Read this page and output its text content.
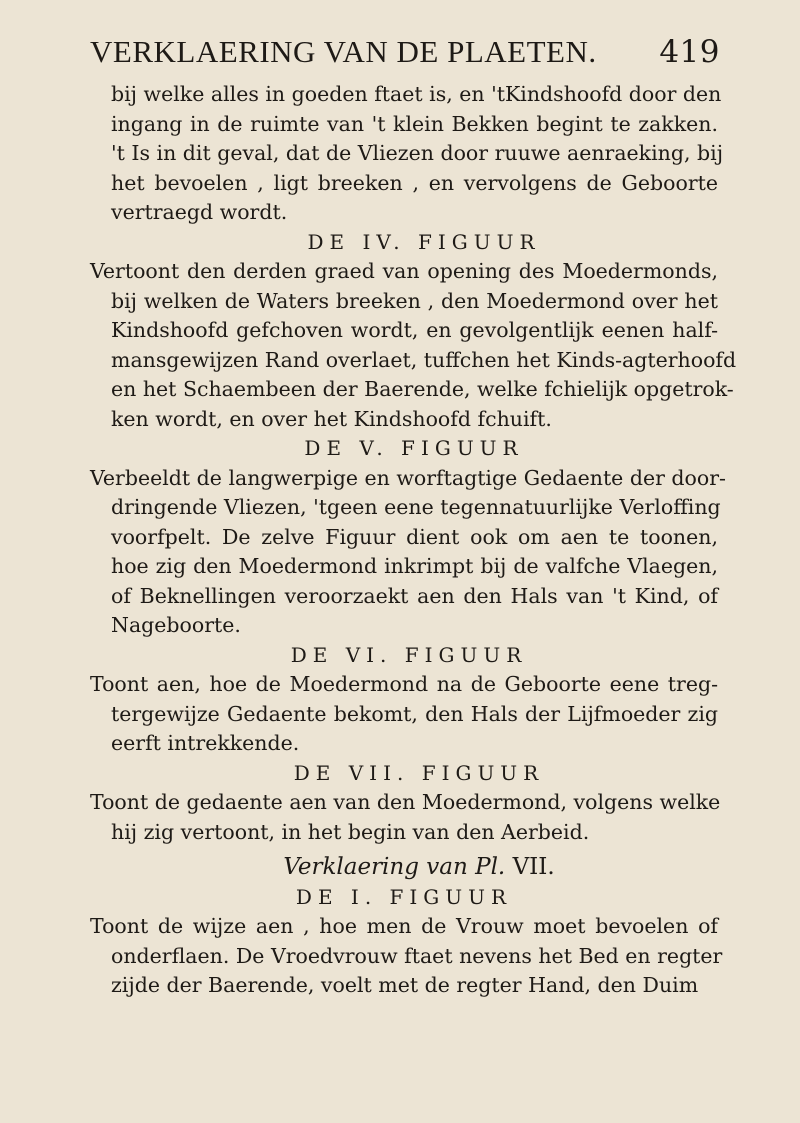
VERKLAERING VAN DE PLAETEN. 419
bij welke alles in goeden ftaet is, en 'tKindshoofd door den
ingang in de ruimte van 't klein Bekken begint te zakken.
't Is in dit geval, dat de Vliezen door ruuwe aenraeking, bij
het bevoelen , ligt breeken , en vervolgens de Geboorte
vertraegd wordt.
DE IV. FIGUUR
Vertoont den derden graed van opening des Moedermonds,
bij welken de Waters breeken , den Moedermond over het
Kindshoofd gefchoven wordt, en gevolgentlijk eenen half-
mansgewijzen Rand overlaet, tuffchen het Kinds-agterhoofd
en het Schaembeen der Baerende, welke fchielijk opgetrok-
ken wordt, en over het Kindshoofd fchuift.
DE V. FIGUUR
Verbeeldt de langwerpige en worftagtige Gedaente der door-
dringende Vliezen, 'tgeen eene tegennatuurlijke Verloffing
voorfpelt. De zelve Figuur dient ook om aen te toonen,
hoe zig den Moedermond inkrimpt bij de valfche Vlaegen,
of Beknellingen veroorzaekt aen den Hals van 't Kind, of
Nageboorte.
DE VI. FIGUUR
Toont aen, hoe de Moedermond na de Geboorte eene treg-
tergewijze Gedaente bekomt, den Hals der Lijfmoeder zig
eerft intrekkende.
DE VII. FIGUUR
Toont de gedaente aen van den Moedermond, volgens welke
hij zig vertoont, in het begin van den Aerbeid.
Verklaering van Pl. VII.
DE I. FIGUUR
Toont de wijze aen , hoe men de Vrouw moet bevoelen of
onderflaen. De Vroedvrouw ftaet nevens het Bed en regter
zijde der Baerende, voelt met de regter Hand, den Duim
